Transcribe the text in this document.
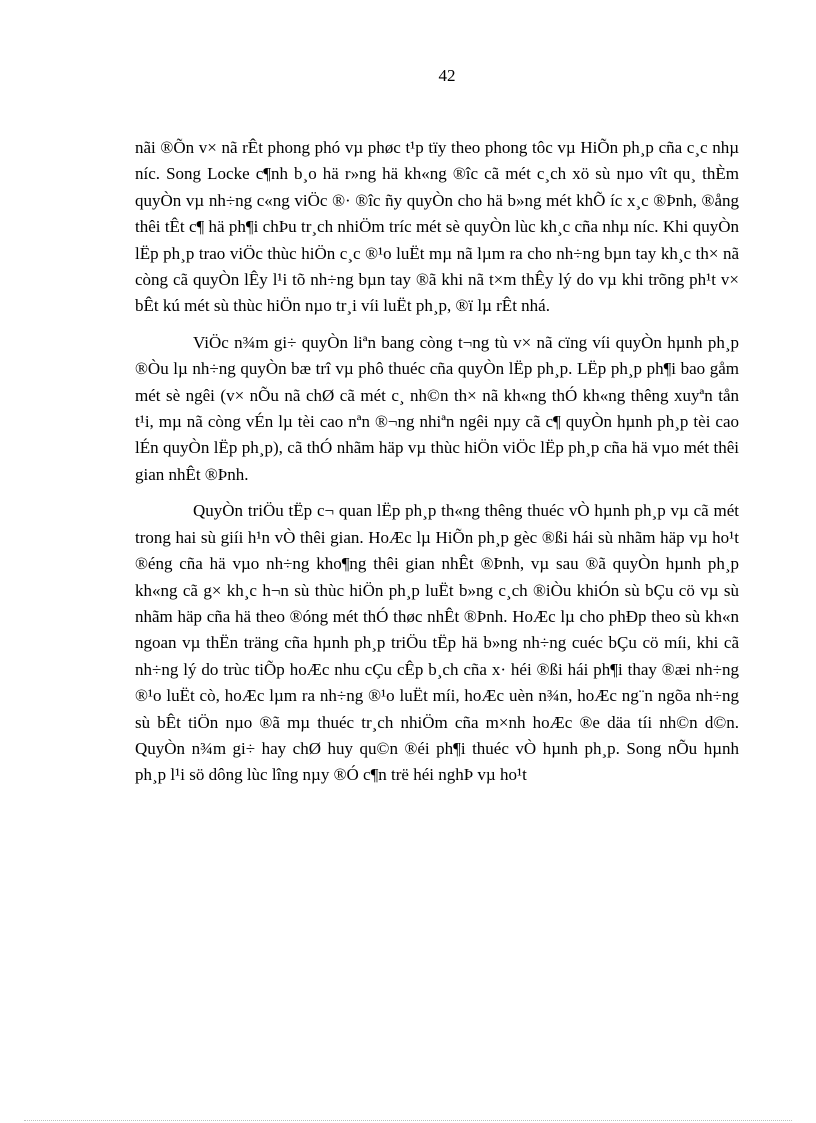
42

nãi ®Õn v× nã rÊt phong phó vµ phøc t¹p tïy theo phong tôc vµ HiÕn ph¸p cña c¸c nhµ níc. Song Locke c¶nh b¸o hä r»ng hä kh«ng ®îc cã mét c¸ch xö sù nµo vît qu¸ thÈm quyÒn vµ nh÷ng c«ng viÖc ®· ®îc ñy quyÒn cho hä b»ng mét khÕ íc x¸c ®Þnh, ®ång thêi tÊt c¶ hä ph¶i chÞu tr¸ch nhiÖm tríc mét sè quyÒn lùc kh¸c cña nhµ níc. Khi quyÒn lËp ph¸p trao viÖc thùc hiÖn c¸c ®¹o luËt mµ nã lµm ra cho nh÷ng bµn tay kh¸c th× nã còng cã quyÒn lÊy l¹i tõ nh÷ng bµn tay ®ã khi nã t×m thÊy lý do vµ khi trõng ph¹t v× bÊt kú mét sù thùc hiÖn nµo tr¸i víi luËt ph¸p, ®ï lµ rÊt nhá.

ViÖc n¾m gi÷ quyÒn liªn bang còng t¬ng tù v× nã cïng víi quyÒn hµnh ph¸p ®Òu lµ nh÷ng quyÒn bæ trî vµ phô thuéc cña quyÒn lËp ph¸p. LËp ph¸p ph¶i bao gåm mét sè ngêi (v× nÕu nã chØ cã mét c¸ nh©n th× nã kh«ng thÓ kh«ng thêng xuyªn tån t¹i, mµ nã còng vÉn lµ tèi cao nªn ®¬ng nhiªn ngêi nµy cã c¶ quyÒn hµnh ph¸p tèi cao lÉn quyÒn lËp ph¸p), cã thÓ nhãm häp vµ thùc hiÖn viÖc lËp ph¸p cña hä vµo mét thêi gian nhÊt ®Þnh.

QuyÒn triÖu tËp c¬ quan lËp ph¸p th«ng thêng thuéc vÒ hµnh ph¸p vµ cã mét trong hai sù giíi h¹n vÒ thêi gian. HoÆc lµ HiÕn ph¸p gèc ®ßi hái sù nhãm häp vµ ho¹t ®éng cña hä vµo nh÷ng kho¶ng thêi gian nhÊt ®Þnh, vµ sau ®ã quyÒn hµnh ph¸p kh«ng cã g× kh¸c h¬n sù thùc hiÖn ph¸p luËt b»ng c¸ch ®iÒu khiÓn sù bÇu cö vµ sù nhãm häp cña hä theo ®óng mét thÓ thøc nhÊt ®Þnh. HoÆc lµ cho phÐp theo sù kh«n ngoan vµ thËn träng cña hµnh ph¸p triÖu tËp hä b»ng nh÷ng cuéc bÇu cö míi, khi cã nh÷ng lý do trùc tiÕp hoÆc nhu cÇu cÊp b¸ch cña x· héi ®ßi hái ph¶i thay ®æi nh÷ng ®¹o luËt cò, hoÆc lµm ra nh÷ng ®¹o luËt míi, hoÆc uèn n¾n, hoÆc ng¨n ngõa nh÷ng sù bÊt tiÖn nµo ®ã mµ thuéc tr¸ch nhiÖm cña m×nh hoÆc ®e däa tíi nh©n d©n. QuyÒn n¾m gi÷ hay chØ huy qu©n ®éi ph¶i thuéc vÒ hµnh ph¸p. Song nÕu hµnh ph¸p l¹i sö dông lùc lîng nµy ®Ó c¶n trë héi nghÞ vµ ho¹t
